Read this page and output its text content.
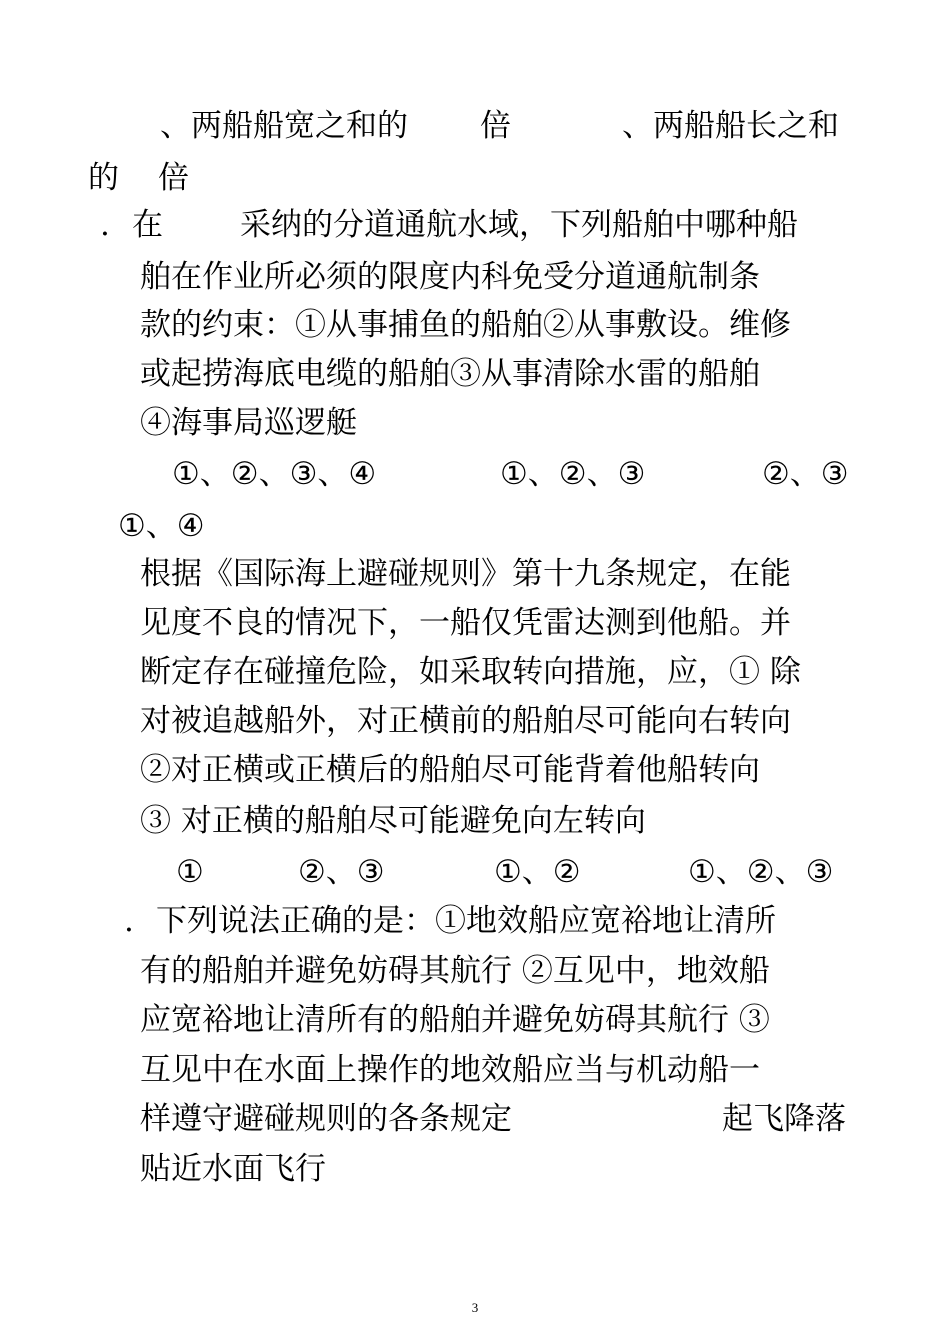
、两船船宽之和的

倍

	、两船船长之和

的

倍

.

在

采纳的分道通航水域，下列船舶中哪种船

舶在作业所必须的限度内科免受分道通航制条
款的约束：①从事捕鱼的船舶②从事敷设。维修
或起捞海底电缆的船舶③从事清除水雷的船舶
④海事局巡逻艇

①、②、③、④

	①、②、③

	②、③

①、④

根据《国际海上避碰规则》第十九条规定，在能
见度不良的情况下，一船仅凭雷达测到他船。并
断定存在碰撞危险，如采取转向措施，应，① 除
对被追越船外，对正横前的船舶尽可能向右转向
②对正横或正横后的船舶尽可能背着他船转向
③ 对正横的船舶尽可能避免向左转向

①

	②、③

	①、②

	①、②、③

.

下列说法正确的是：①地效船应宽裕地让清所

有的船舶并避免妨碍其航行 ②互见中，地效船
应宽裕地让清所有的船舶并避免妨碍其航行 ③
互见中在水面上操作的地效船应当与机动船一

样遵守避碰规则的各条规定

	起飞降落

贴近水面飞行
3
